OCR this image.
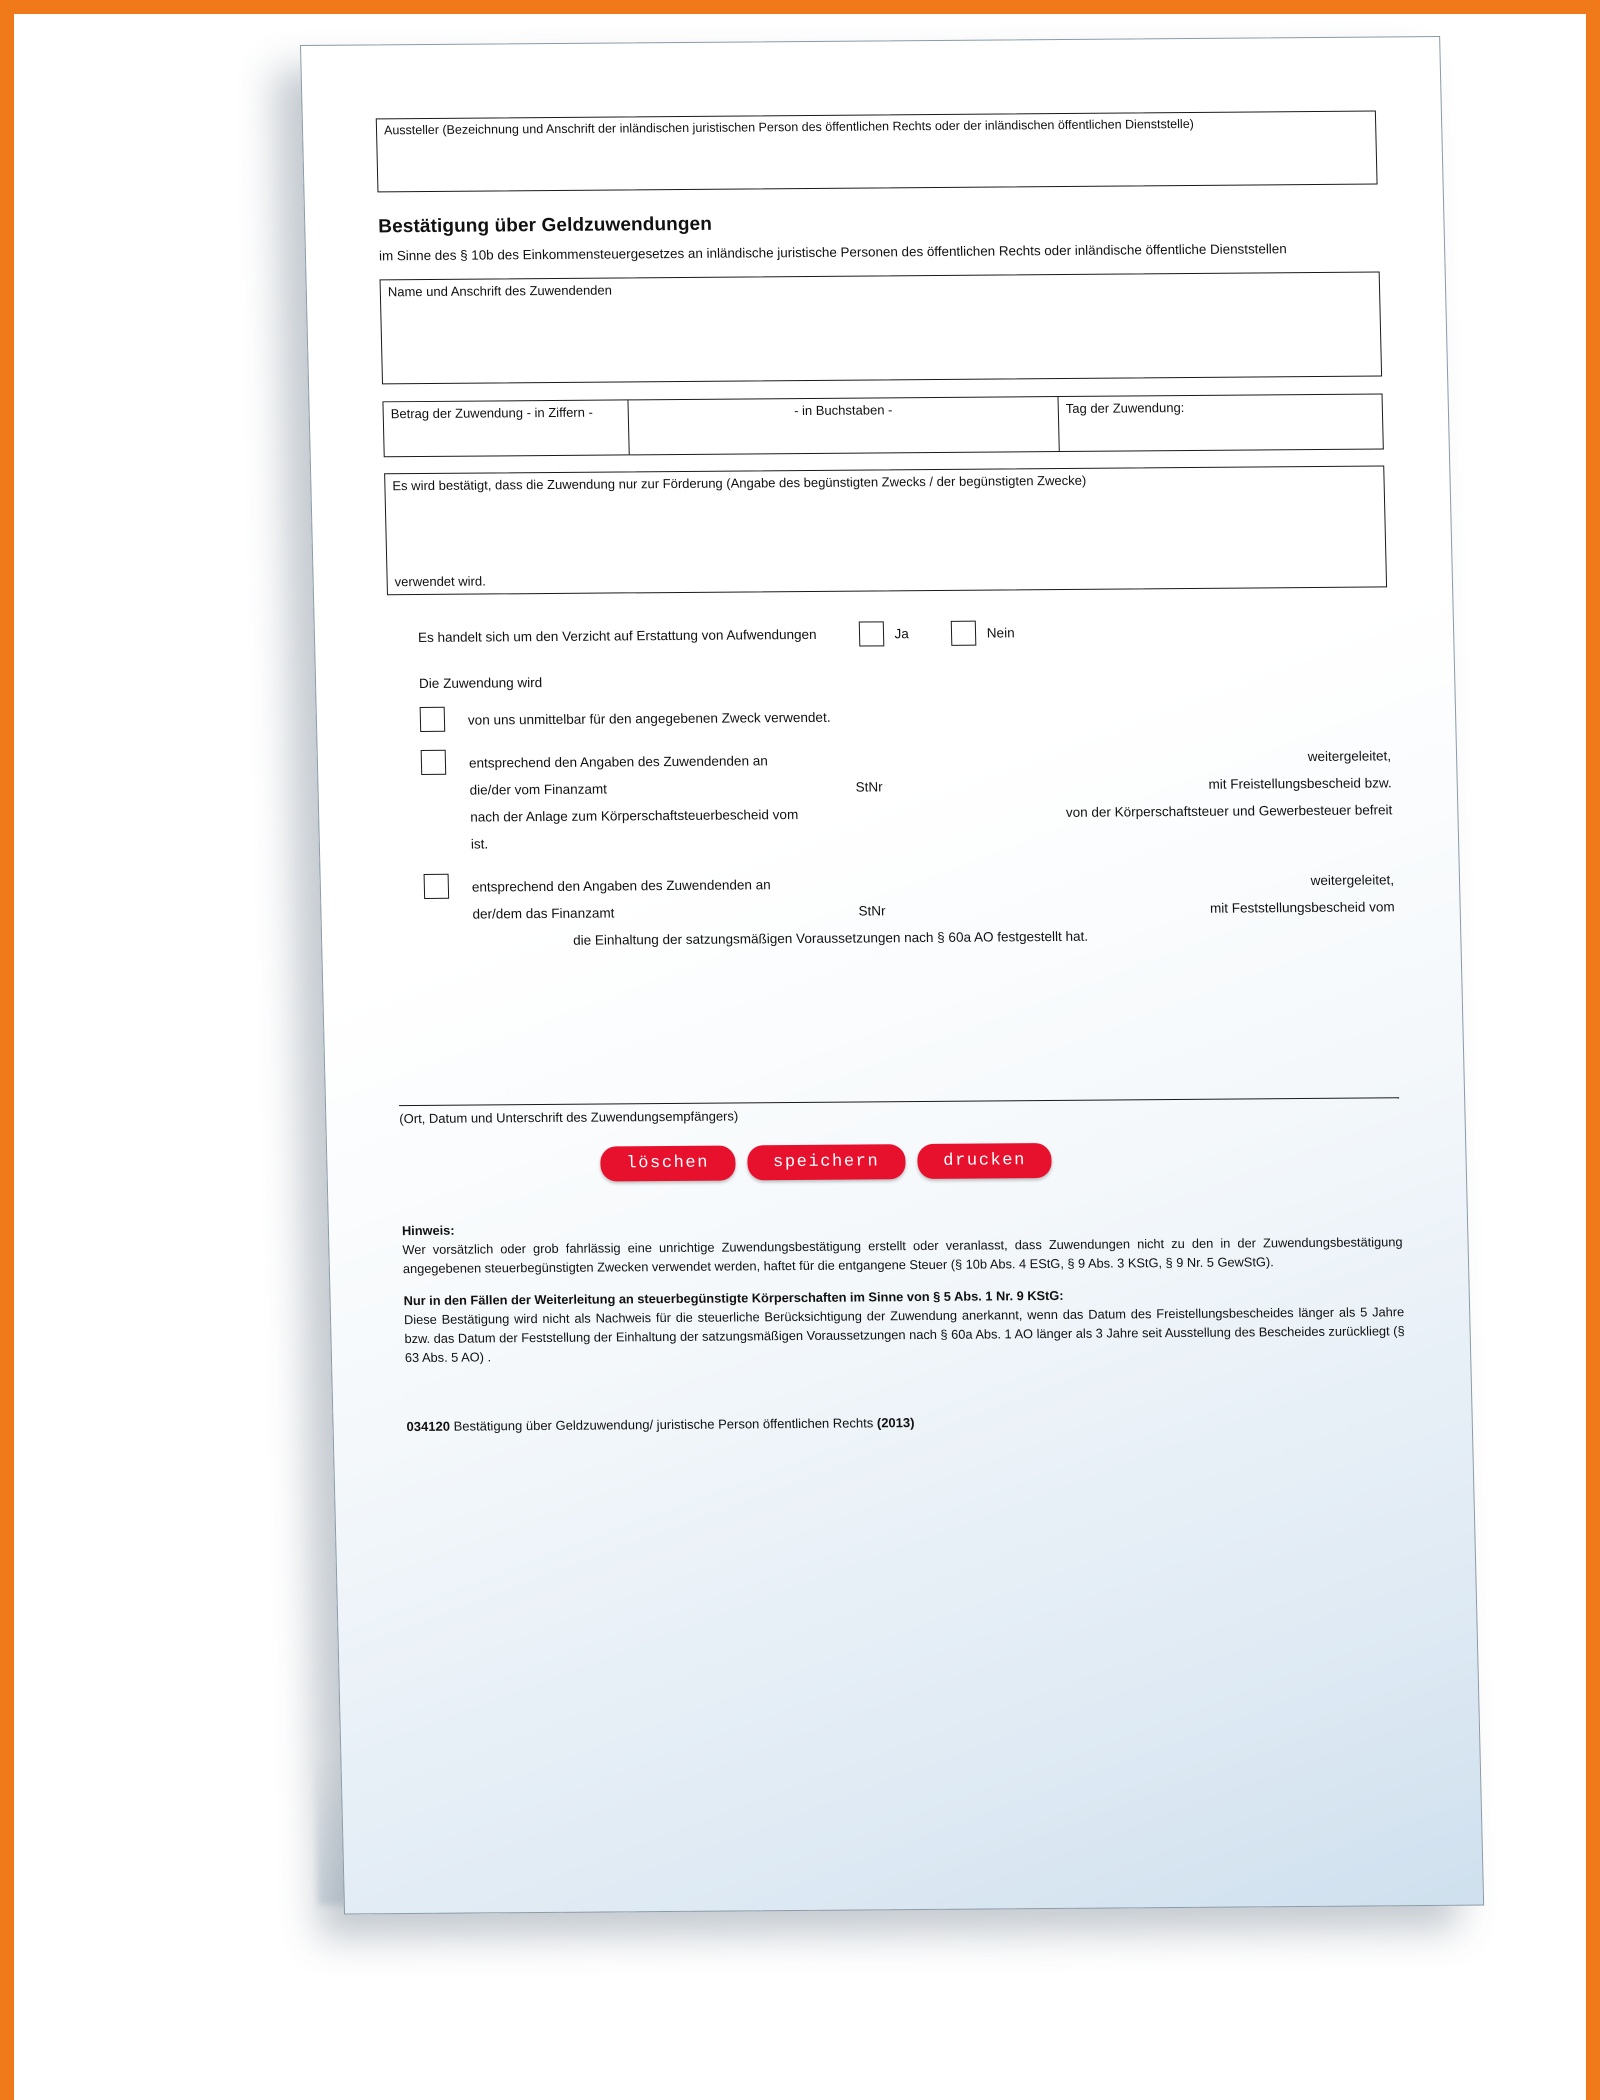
Aussteller (Bezeichnung und Anschrift der inländischen juristischen Person des öffentlichen Rechts oder der inländischen öffentlichen Dienststelle)
Bestätigung über Geldzuwendungen
im Sinne des § 10b des Einkommensteuergesetzes an inländische juristische Personen des öffentlichen Rechts oder inländische öffentliche Dienststellen
Name und Anschrift des Zuwendenden
Betrag der Zuwendung - in Ziffern -	- in Buchstaben -	Tag der Zuwendung:
Es wird bestätigt, dass die Zuwendung nur zur Förderung (Angabe des begünstigten Zwecks / der begünstigten Zwecke)
verwendet wird.
Es handelt sich um den Verzicht auf Erstattung von Aufwendungen	Ja	Nein
Die Zuwendung wird
von uns unmittelbar für den angegebenen Zweck verwendet.
entsprechend den Angaben des Zuwendenden an	weitergeleitet,
die/der vom Finanzamt	StNr	mit Freistellungsbescheid bzw.
nach der Anlage zum Körperschaftsteuerbescheid vom	von der Körperschaftsteuer und Gewerbesteuer befreit
ist.
entsprechend den Angaben des Zuwendenden an	weitergeleitet,
der/dem das Finanzamt	StNr	mit Feststellungsbescheid vom
die Einhaltung der satzungsmäßigen Voraussetzungen nach § 60a AO festgestellt hat.
(Ort, Datum und Unterschrift des Zuwendungsempfängers)
löschen	speichern	drucken

Hinweis:
Wer vorsätzlich oder grob fahrlässig eine unrichtige Zuwendungsbestätigung erstellt oder veranlasst, dass Zuwendungen nicht zu den in der Zuwendungsbestätigung angegebenen steuerbegünstigten Zwecken verwendet werden, haftet für die entgangene Steuer (§ 10b Abs. 4 EStG, § 9 Abs. 3 KStG, § 9 Nr. 5 GewStG).

Nur in den Fällen der Weiterleitung an steuerbegünstigte Körperschaften im Sinne von § 5 Abs. 1 Nr. 9 KStG:
Diese Bestätigung wird nicht als Nachweis für die steuerliche Berücksichtigung der Zuwendung anerkannt, wenn das Datum des Freistellungsbescheides länger als 5 Jahre bzw. das Datum der Feststellung der Einhaltung der satzungsmäßigen Voraussetzungen nach § 60a Abs. 1 AO länger als 3 Jahre seit Ausstellung des Bescheides zurückliegt (§ 63 Abs. 5 AO) .

034120 Bestätigung über Geldzuwendung/ juristische Person öffentlichen Rechts (2013)
